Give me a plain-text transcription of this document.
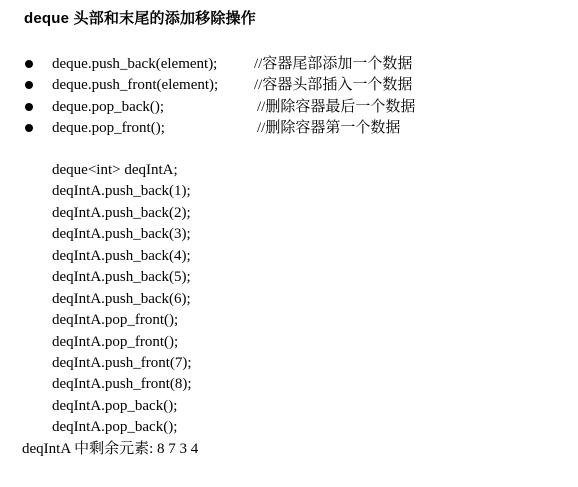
deque 头部和末尾的添加移除操作
deque.push_back(element); //容器尾部添加一个数据
deque.push_front(element); //容器头部插入一个数据
deque.pop_back();	//删除容器最后一个数据
deque.pop_front();	//删除容器第一个数据
deque<int> deqIntA;
deqIntA.push_back(1);
deqIntA.push_back(2);
deqIntA.push_back(3);
deqIntA.push_back(4);
deqIntA.push_back(5);
deqIntA.push_back(6);
deqIntA.pop_front();
deqIntA.pop_front();
deqIntA.push_front(7);
deqIntA.push_front(8);
deqIntA.pop_back();
deqIntA.pop_back();
deqIntA 中剩余元素: 8 7 3 4
